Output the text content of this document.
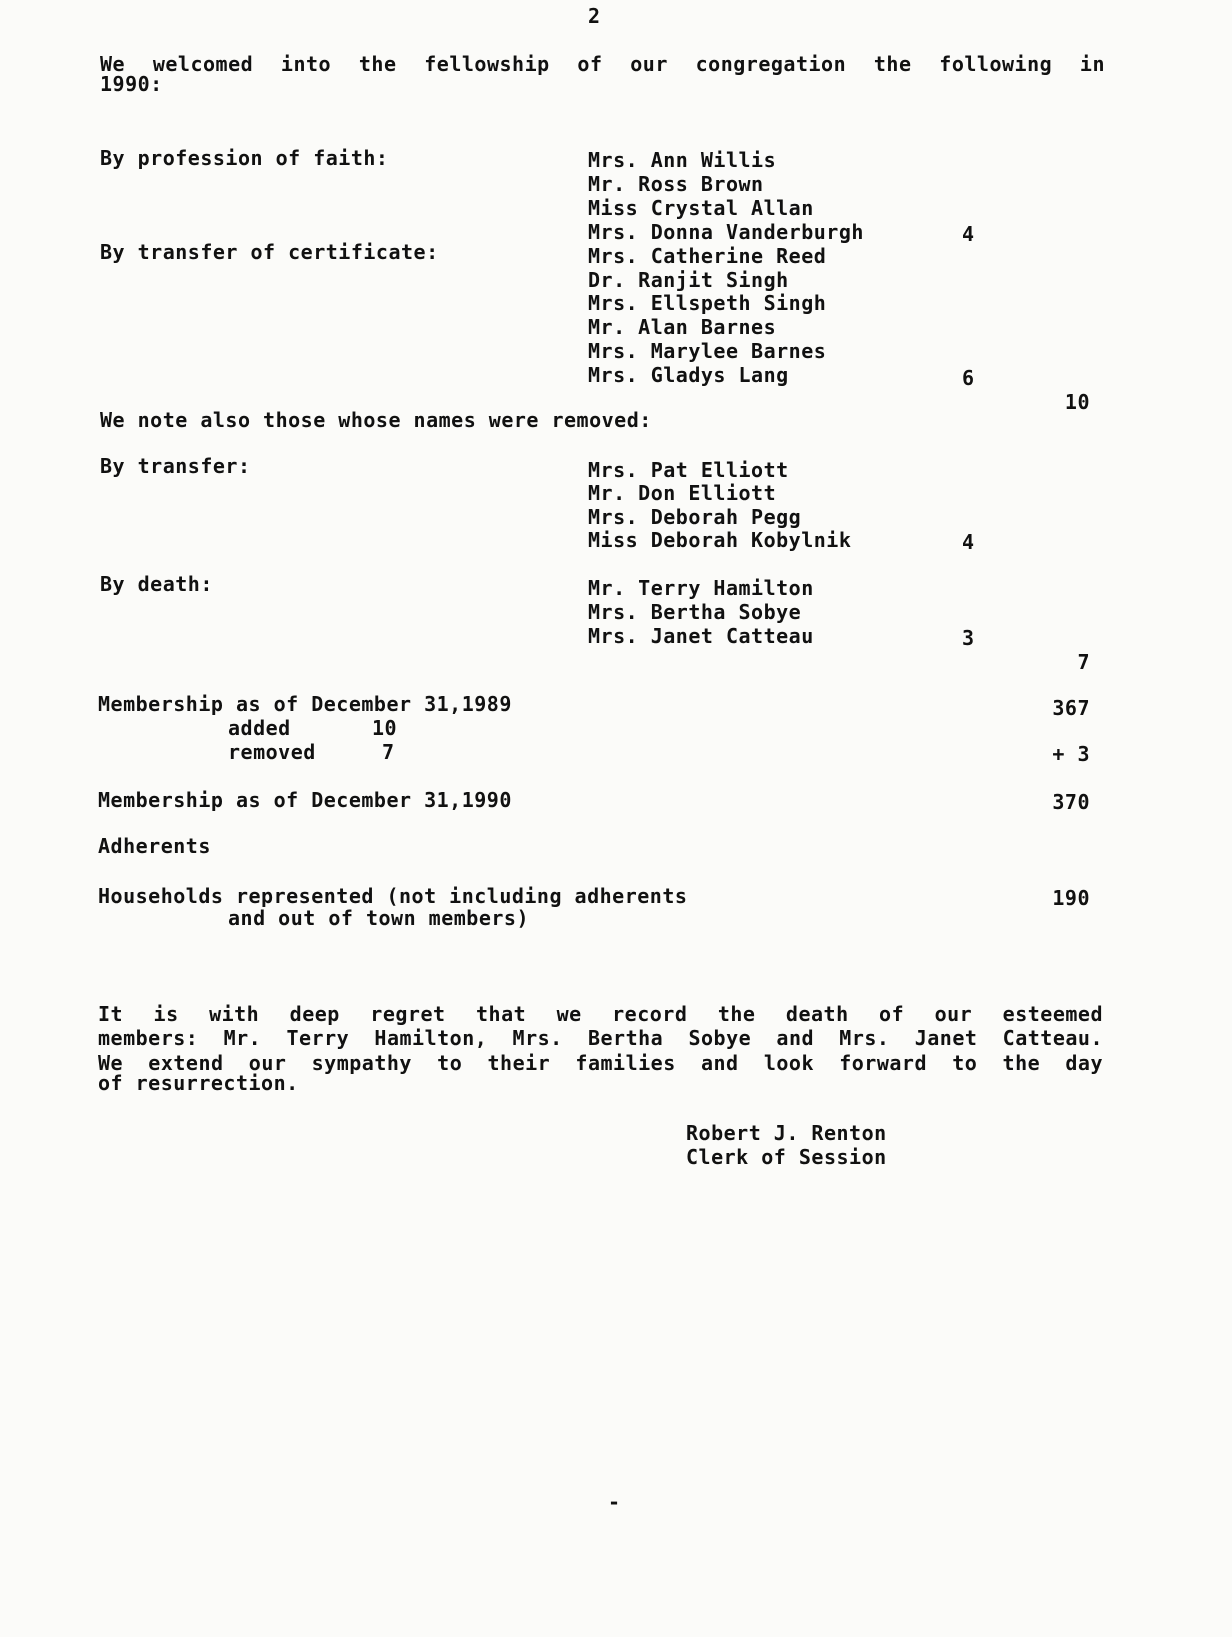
2
We welcomed into the fellowship of our congregation the following in
1990:
By profession of faith:	Mrs. Ann Willis
Mr. Ross Brown
Miss Crystal Allan
Mrs. Donna Vanderburgh	4
By transfer of certificate:	Mrs. Catherine Reed
Dr. Ranjit Singh
Mrs. Ellspeth Singh
Mr. Alan Barnes
Mrs. Marylee Barnes
Mrs. Gladys Lang	6
10
We note also those whose names were removed:
By transfer:	Mrs. Pat Elliott
Mr. Don Elliott
Mrs. Deborah Pegg
Miss Deborah Kobylnik	4
By death:	Mr. Terry Hamilton
Mrs. Bertha Sobye
Mrs. Janet Catteau	3
7
Membership as of December 31,1989	367
added	10
removed	7	+ 3
Membership as of December 31,1990	370
Adherents
Households represented (not including adherents
and out of town members)
190
It is with deep regret that we record the death of our esteemed
members: Mr. Terry Hamilton, Mrs. Bertha Sobye and Mrs. Janet Catteau.
We extend our sympathy to their families and look forward to the day
of resurrection.
Robert J. Renton
Clerk of Session
-
